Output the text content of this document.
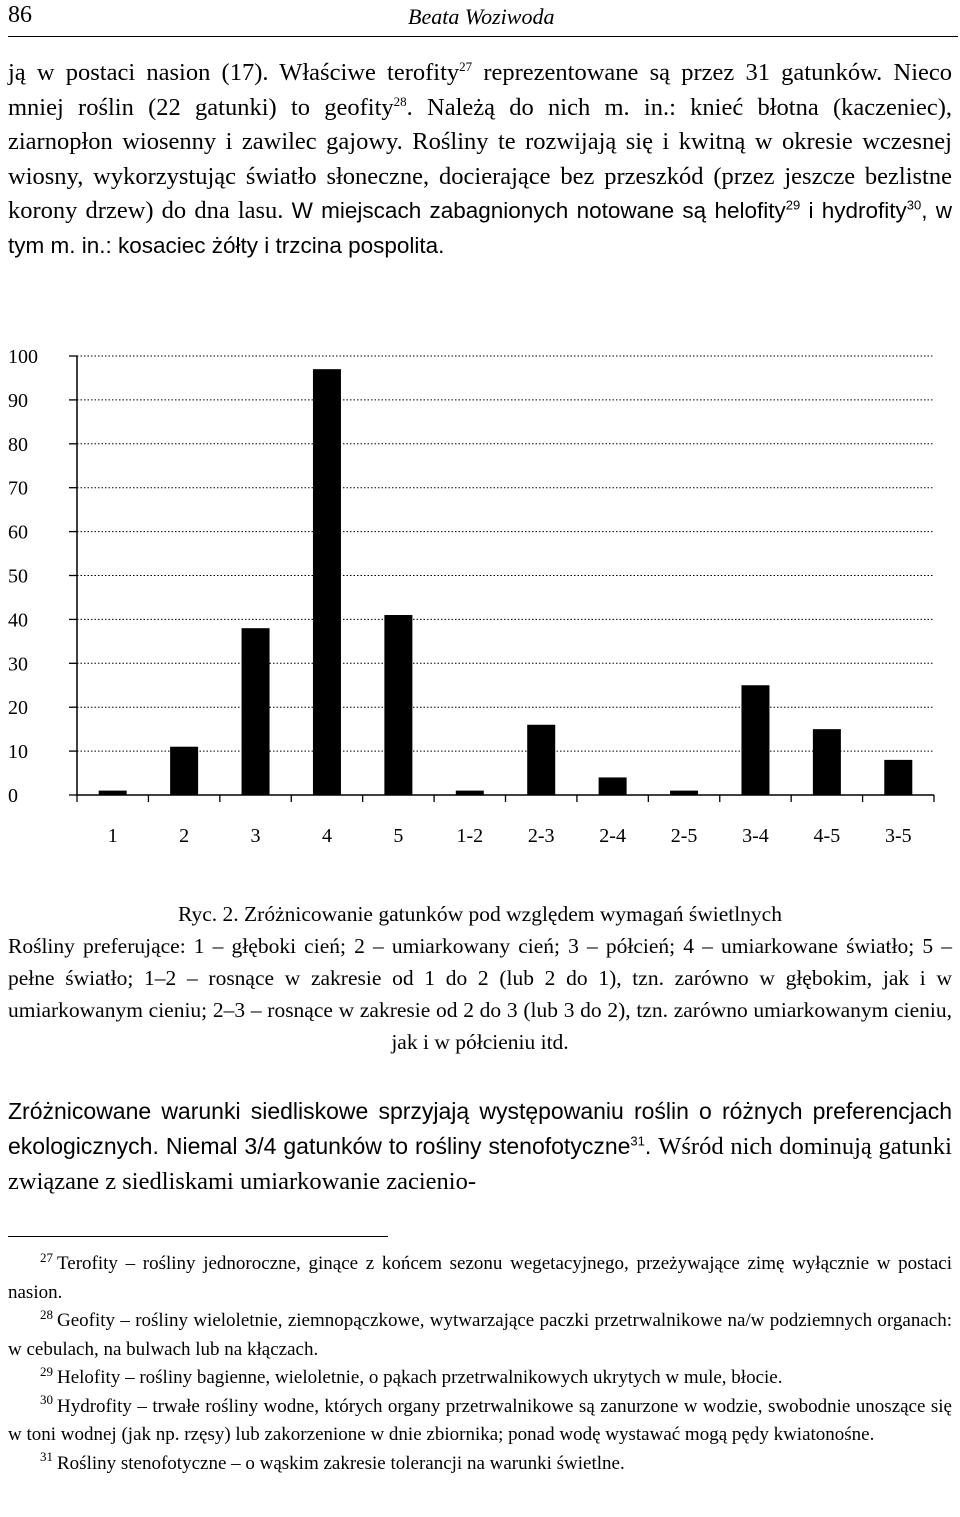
86	Beata Woziwoda

ją w postaci nasion (17). Właściwe terofity$^{27}$ reprezentowane są przez 31 gatunków. Nieco mniej roślin (22 gatunki) to geofity$^{28}$. Należą do nich m. in.: knieć błotna (kaczeniec), ziarnopłon wiosenny i zawilec gajowy. Rośliny te rozwijają się i kwitną w okresie wczesnej wiosny, wykorzystując światło słoneczne, docierające bez przeszkód (przez jeszcze bezlistne korony drzew) do dna lasu. W miejscach zabagnionych notowane są helofity$^{29}$ i hydrofity$^{30}$, w tym m. in.: kosaciec żółty i trzcina pospolita.

0
10
20
30
40
50
60
70
80
90
100
1	2	3	4	5	1-2 2-3 2-4 2-5 3-4 4-5 3-5
Ryc. 2. Zróżnicowanie gatunków pod względem wymagań świetlnych
Rośliny preferujące: 1 – głęboki cień; 2 – umiarkowany cień; 3 – półcień; 4 – umiarkowane światło; 5 – pełne światło; 1–2 – rosnące w zakresie od 1 do 2 (lub 2 do 1), tzn. zarówno w głębokim, jak i w umiarkowanym cieniu; 2–3 – rosnące w zakresie od 2 do 3 (lub 3 do 2), tzn. zarówno umiarkowanym cieniu, jak i w półcieniu itd.

Zróżnicowane warunki siedliskowe sprzyjają występowaniu roślin o różnych preferencjach ekologicznych. Niemal 3/4 gatunków to rośliny stenofotyczne$^{31}$. Wśród nich dominują gatunki związane z siedliskami umiarkowanie zacienio-

$^{27}$ Terofity – rośliny jednoroczne, ginące z końcem sezonu wegetacyjnego, przeżywające zimę wyłącznie w postaci nasion.

$^{28}$ Geofity – rośliny wieloletnie, ziemnopączkowe, wytwarzające paczki przetrwalnikowe na/w podziemnych organach: w cebulach, na bulwach lub na kłączach.

$^{29}$ Helofity – rośliny bagienne, wieloletnie, o pąkach przetrwalnikowych ukrytych w mule, błocie.

$^{30}$ Hydrofity – trwałe rośliny wodne, których organy przetrwalnikowe są zanurzone w wodzie, swobodnie unoszące się w toni wodnej (jak np. rzęsy) lub zakorzenione w dnie zbiornika; ponad wodę wystawać mogą pędy kwiatonośne.

$^{31}$ Rośliny stenofotyczne – o wąskim zakresie tolerancji na warunki świetlne.
